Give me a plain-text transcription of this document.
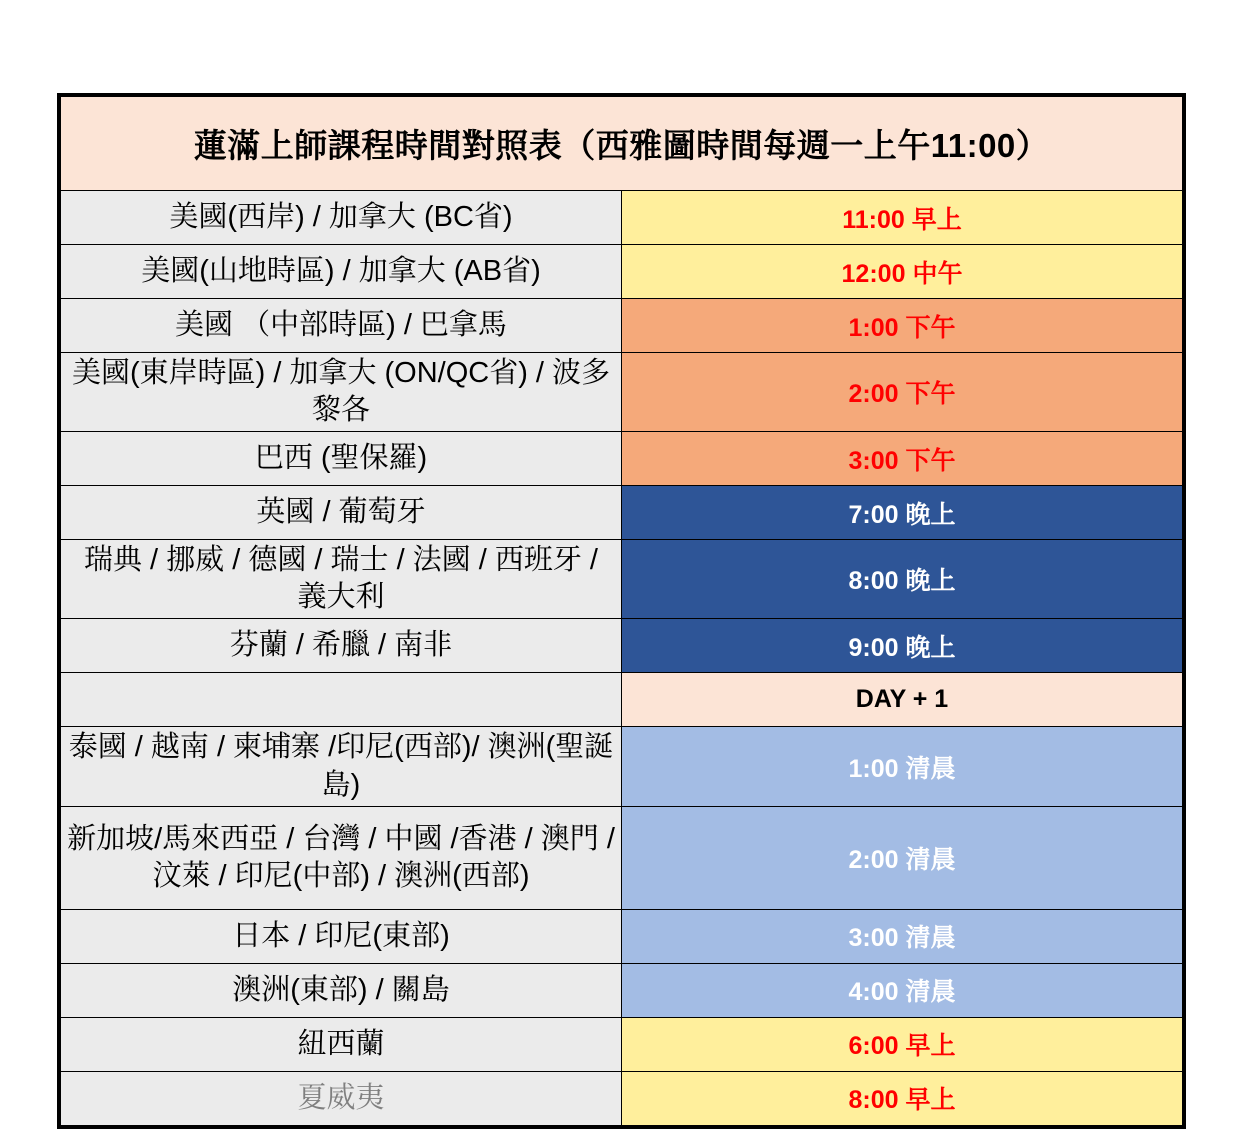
蓮滿上師課程時間對照表（西雅圖時間每週一上午11:00）	
美國(西岸) / 加拿大 (BC省)	11:00 早上
美國(山地時區) / 加拿大 (AB省)	12:00 中午
美國 （中部時區) / 巴拿馬	1:00 下午
美國(東岸時區) / 加拿大 (ON/QC省) / 波多黎各	2:00 下午
巴西 (聖保羅)	3:00 下午
英國 / 葡萄牙	7:00 晚上
瑞典 / 挪威 / 德國 / 瑞士 / 法國 / 西班牙 / 義大利	8:00 晚上
芬蘭 / 希臘 / 南非	9:00 晚上
	DAY + 1
泰國 / 越南 / 柬埔寨 /印尼(西部)/ 澳洲(聖誕島)	1:00 清晨
新加坡/馬來西亞 / 台灣 / 中國 /香港 / 澳門 / 汶萊 / 印尼(中部) / 澳洲(西部)	2:00 清晨
日本 / 印尼(東部)	3:00 清晨
澳洲(東部) / 關島	4:00 清晨
紐西蘭	6:00 早上
夏威夷	8:00 早上
